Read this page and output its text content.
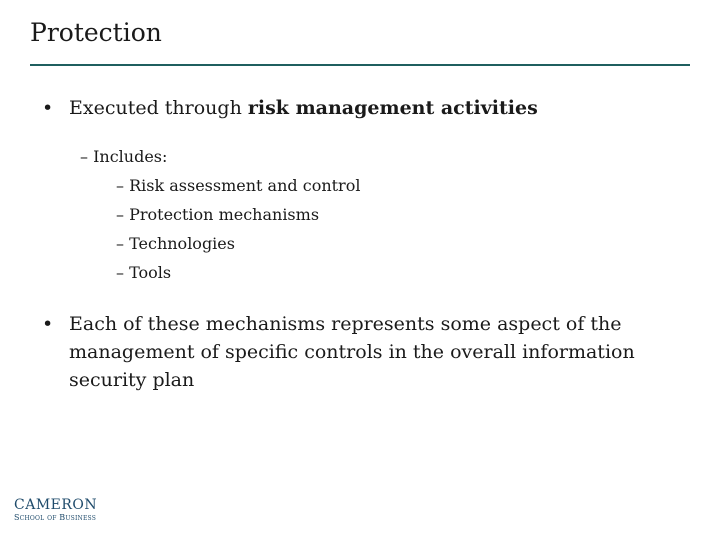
Protection
• Executed through risk management activities
– Includes:
– Risk assessment and control
– Protection mechanisms
– Technologies
– Tools
• Each of these mechanisms represents some aspect of the management of specific controls in the overall information security plan
CAMERON
School of Business
